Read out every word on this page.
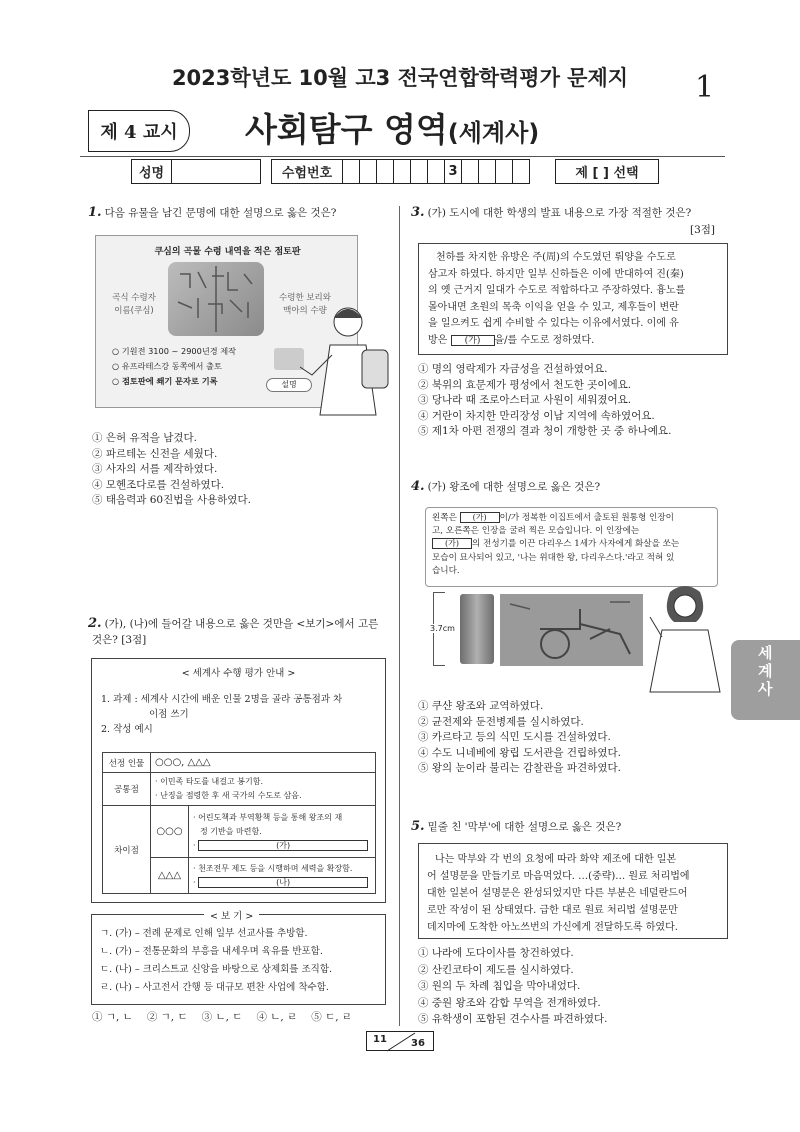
2023학년도 10월 고3 전국연합학력평가 문제지	1
제 4 교시	사회탐구 영역(세계사)
성명	수험번호	3	제 [ ] 선택
1. 다음 유물을 남긴 문명에 대한 설명으로 옳은 것은?
쿠심의 곡물 수령 내역을 적은 점토판
곡식 수령자
이름(쿠심)
수령한 보리와
맥아의 수량
○ 기원전 3100 ~ 2900년경 제작
○ 유프라테스강 동쪽에서 출토
○ 점토판에 쐐기 문자로 기록	설명
① 은허 유적을 남겼다.
② 파르테논 신전을 세웠다.
③ 사자의 서를 제작하였다.
④ 모헨조다로를 건설하였다.
⑤ 태음력과 60진법을 사용하였다.
2. (가), (나)에 들어갈 내용으로 옳은 것만을 <보기>에서 고른
것은? [3점]
< 세계사 수행 평가 안내 >
1. 과제 : 세계사 시간에 배운 인물 2명을 골라 공통점과 차
이점 쓰기
2. 작성 예시
선정 인물	○○○, △△△	
공통점	· 이민족 타도를 내걸고 봉기함.
· 난징을 점령한 후 새 국가의 수도로 삼음.	

차이점	○○○	· 어린도책과 부역황책 등을 통해 왕조의 재
정 기반을 마련함.
· (가)

	△△△	· 천조전무 제도 등을 시행하며 세력을 확장함.
· (나)
< 보 기 >
ㄱ. (가) – 전례 문제로 인해 일부 선교사를 추방함.
ㄴ. (가) – 전통문화의 부흥을 내세우며 육유를 반포함.
ㄷ. (나) – 크리스트교 신앙을 바탕으로 상제회를 조직함.
ㄹ. (나) – 사고전서 간행 등 대규모 편찬 사업에 착수함.
① ㄱ, ㄴ ② ㄱ, ㄷ ③ ㄴ, ㄷ ④ ㄴ, ㄹ ⑤ ㄷ, ㄹ
3. (가) 도시에 대한 학생의 발표 내용으로 가장 적절한 것은?
[3점]
천하를 차지한 유방은 주(周)의 수도였던 뤄양을 수도로
삼고자 하였다. 하지만 일부 신하들은 이에 반대하여 진(秦)
의 옛 근거지 일대가 수도로 적합하다고 주장하였다. 흉노를
몰아내면 초원의 목축 이익을 얻을 수 있고, 제후들이 변란
을 일으켜도 쉽게 수비할 수 있다는 이유에서였다. 이에 유
방은 (가) 을/를 수도로 정하였다.
① 명의 영락제가 자금성을 건설하였어요.
② 북위의 효문제가 평성에서 천도한 곳이에요.
③ 당나라 때 조로아스터교 사원이 세워졌어요.
④ 거란이 차지한 만리장성 이남 지역에 속하였어요.
⑤ 제1차 아편 전쟁의 결과 청이 개항한 곳 중 하나예요.
4. (가) 왕조에 대한 설명으로 옳은 것은?
왼쪽은 (가) 이/가 정복한 이집트에서 출토된 원통형 인장이
고, 오른쪽은 인장을 굴려 찍은 모습입니다. 이 인장에는
(가) 의 전성기를 이끈 다리우스 1세가 사자에게 화살을 쏘는
모습이 묘사되어 있고, '나는 위대한 왕, 다리우스다.'라고 적혀 있
습니다.
3.7cm
① 쿠샨 왕조와 교역하였다.
② 균전제와 둔전병제를 실시하였다.
③ 카르타고 등의 식민 도시를 건설하였다.
④ 수도 니네베에 왕립 도서관을 건립하였다.
⑤ 왕의 눈이라 불리는 감찰관을 파견하였다.
세
계
사
5. 밑줄 친 '막부'에 대한 설명으로 옳은 것은?
나는 막부와 각 번의 요청에 따라 화약 제조에 대한 일본
어 설명문을 만들기로 마음먹었다. …(중략)… 원료 처리법에
대한 일본어 설명문은 완성되었지만 다른 부분은 네덜란드어
로만 작성이 된 상태였다. 급한 대로 원료 처리법 설명문만
데지마에 도착한 아노쓰번의 가신에게 전달하도록 하였다.
① 나라에 도다이사를 창건하였다.
② 산킨코타이 제도를 실시하였다.
③ 원의 두 차례 침입을 막아내었다.
④ 중원 왕조와 감합 무역을 전개하였다.
⑤ 유학생이 포함된 견수사를 파견하였다.
11 36
